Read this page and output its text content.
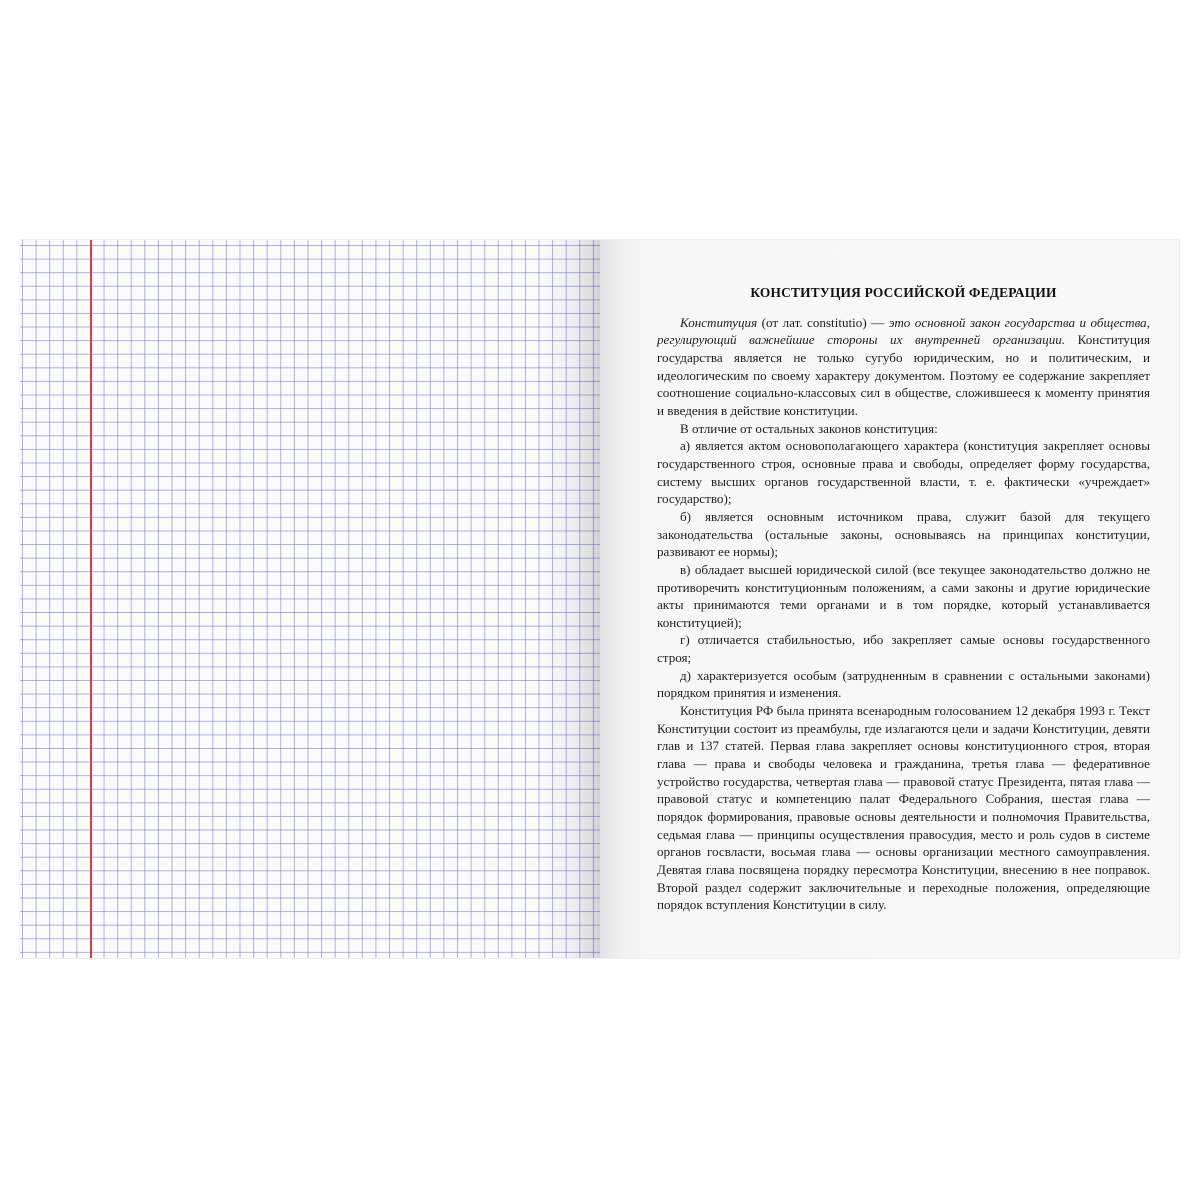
КОНСТИТУЦИЯ РОССИЙСКОЙ ФЕДЕРАЦИИ

Конституция (от лат. constitutio) — это основной закон государства и общества, регулирующий важнейшие стороны их внутренней организации. Конституция государства является не только сугубо юридическим, но и политическим, и идеологическим по своему характеру документом. Поэтому ее содержание закрепляет соотношение социально-классовых сил в обществе, сложившееся к моменту принятия и введения в действие конституции.

В отличие от остальных законов конституция:

а) является актом основополагающего характера (конституция закрепляет основы государственного строя, основные права и свободы, определяет форму государства, систему высших органов государственной власти, т. е. фактически «учреждает» государство);

б) является основным источником права, служит базой для текущего законодательства (остальные законы, основываясь на принципах конституции, развивают ее нормы);

в) обладает высшей юридической силой (все текущее законодательство должно не противоречить конституционным положениям, а сами законы и другие юридические акты принимаются теми органами и в том порядке, который устанавливается конституцией);

г) отличается стабильностью, ибо закрепляет самые основы государственного строя;

д) характеризуется особым (затрудненным в сравнении с остальными законами) порядком принятия и изменения.

Конституция РФ была принята всенародным голосованием 12 декабря 1993 г. Текст Конституции состоит из преамбулы, где излагаются цели и задачи Конституции, девяти глав и 137 статей. Первая глава закрепляет основы конституционного строя, вторая глава — права и свободы человека и гражданина, третья глава — федеративное устройство государства, четвертая глава — правовой статус Президента, пятая глава — правовой статус и компетенцию палат Федерального Собрания, шестая глава — порядок формирования, правовые основы деятельности и полномочия Правительства, седьмая глава — принципы осуществления правосудия, место и роль судов в системе органов госвласти, восьмая глава — основы организации местного самоуправления. Девятая глава посвящена порядку пересмотра Конституции, внесению в нее поправок. Второй раздел содержит заключительные и переходные положения, определяющие порядок вступления Конституции в силу.
